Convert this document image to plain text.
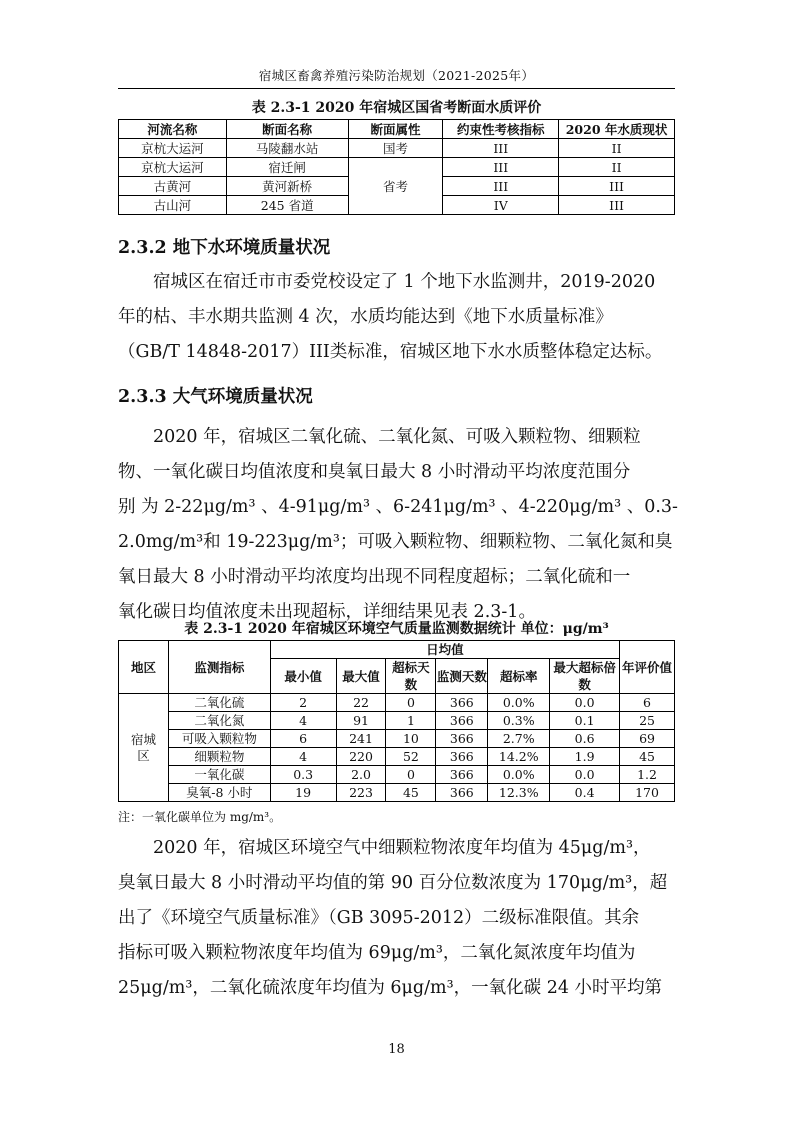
宿城区畜禽养殖污染防治规划（2021-2025年）
表 2.3-1 2020 年宿城区国省考断面水质评价
河流名称	断面名称	断面属性	约束性考核指标	2020 年水质现状
京杭大运河	马陵翻水站	国考	III	II
京杭大运河	宿迁闸	省考	III	II
古黄河	黄河新桥		III	III
古山河	245 省道		IV	III
2.3.2 地下水环境质量状况
宿城区在宿迁市市委党校设定了 1 个地下水监测井，2019-2020
年的枯、丰水期共监测 4 次，水质均能达到《地下水质量标准》
（GB/T 14848-2017）III类标准，宿城区地下水水质整体稳定达标。
2.3.3 大气环境质量状况
2020 年，宿城区二氧化硫、二氧化氮、可吸入颗粒物、细颗粒
物、一氧化碳日均值浓度和臭氧日最大 8 小时滑动平均浓度范围分
别 为 2-22μg/m³ 、4-91μg/m³ 、6-241μg/m³ 、4-220μg/m³ 、0.3-
2.0mg/m³和 19-223μg/m³；可吸入颗粒物、细颗粒物、二氧化氮和臭
氧日最大 8 小时滑动平均浓度均出现不同程度超标；二氧化硫和一
氧化碳日均值浓度未出现超标，详细结果见表 2.3-1。
表 2.3-1 2020 年宿城区环境空气质量监测数据统计 单位：μg/m³
地区	监测指标	日均值						年评价值
		最小值	最大值	超标天数	监测天数	超标率	最大超标倍数	

宿城区	二氧化硫	2	22	0	366	0.0%	0.0	6
	二氧化氮	4	91	1	366	0.3%	0.1	25
	可吸入颗粒物	6	241	10	366	2.7%	0.6	69
	细颗粒物	4	220	52	366	14.2%	1.9	45
	一氧化碳	0.3	2.0	0	366	0.0%	0.0	1.2
	臭氧-8 小时	19	223	45	366	12.3%	0.4	170
注：一氧化碳单位为 mg/m³。
2020 年，宿城区环境空气中细颗粒物浓度年均值为 45μg/m³，
臭氧日最大 8 小时滑动平均值的第 90 百分位数浓度为 170μg/m³，超
出了《环境空气质量标准》（GB 3095-2012）二级标准限值。其余
指标可吸入颗粒物浓度年均值为 69μg/m³，二氧化氮浓度年均值为
25μg/m³，二氧化硫浓度年均值为 6μg/m³，一氧化碳 24 小时平均第
18
